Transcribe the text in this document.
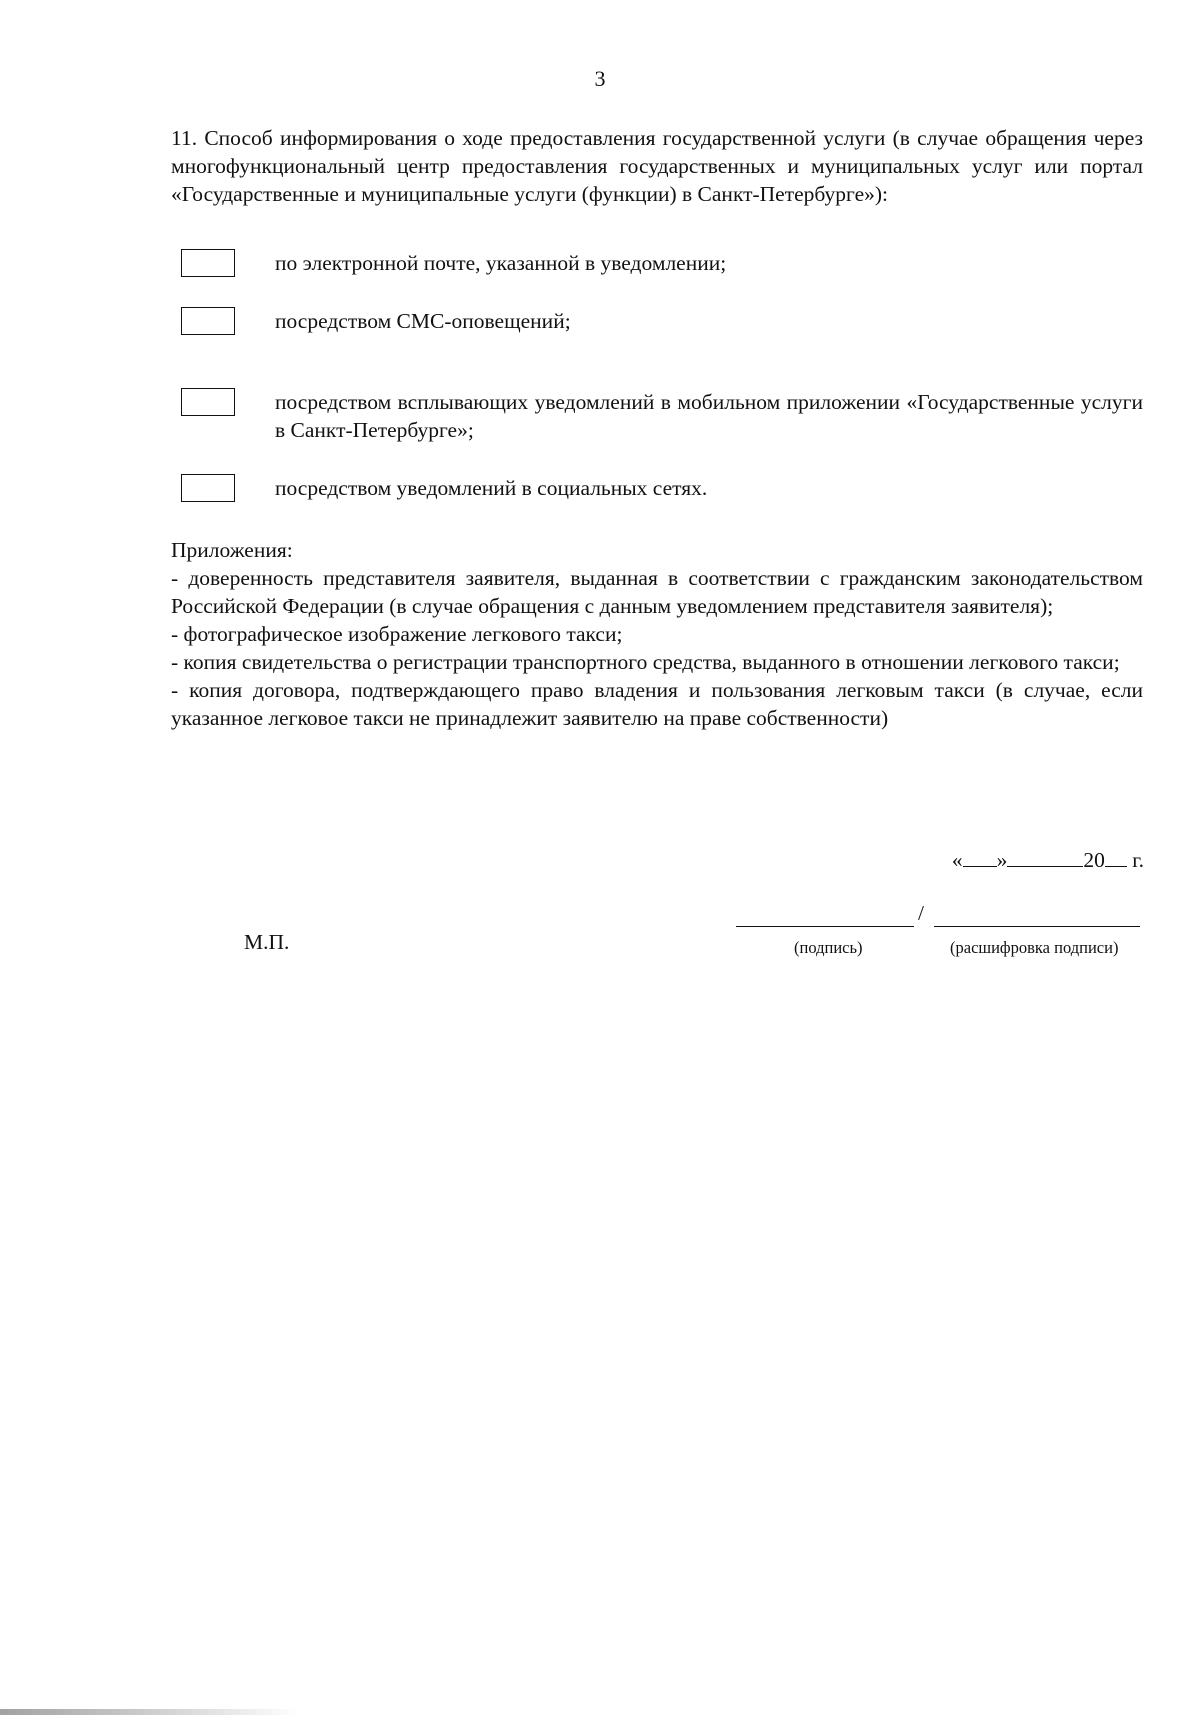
3
11. Способ информирования о ходе предоставления государственной услуги (в случае обращения через многофункциональный центр предоставления государственных и муниципальных услуг или портал «Государственные и муниципальные услуги (функции) в Санкт-Петербурге»):
по электронной почте, указанной в уведомлении;
посредством СМС-оповещений;
посредством всплывающих уведомлений в мобильном приложении «Государственные услуги в Санкт-Петербурге»;
посредством уведомлений в социальных сетях.

Приложения:

- доверенность представителя заявителя, выданная в соответствии с гражданским законодательством Российской Федерации (в случае обращения с данным уведомлением представителя заявителя);

- фотографическое изображение легкового такси;

- копия свидетельства о регистрации транспортного средства, выданного в отношении легкового такси;

- копия договора, подтверждающего право владения и пользования легковым такси (в случае, если указанное легковое такси не принадлежит заявителю на праве собственности)

« »	20 г.
М.П.
/
(подпись)	(расшифровка подписи)
